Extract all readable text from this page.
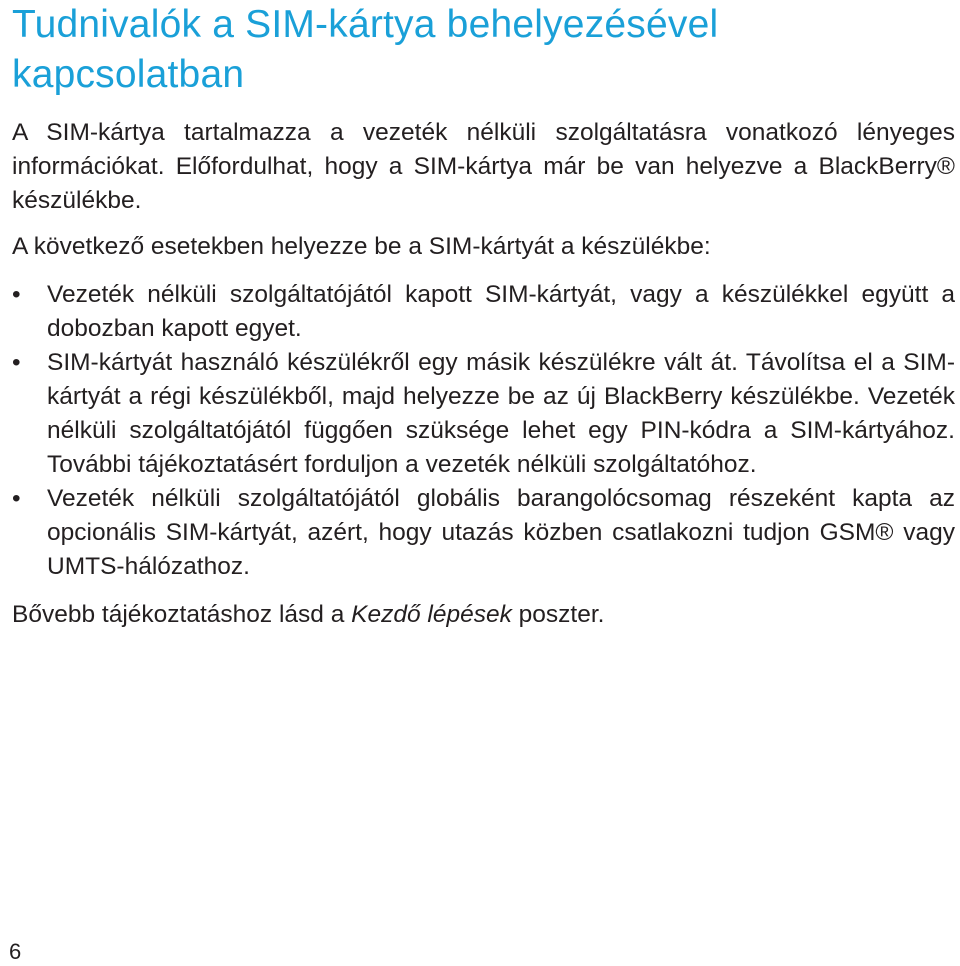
Tudnivalók a SIM-kártya behelyezésével kapcsolatban

A SIM-kártya tartalmazza a vezeték nélküli szolgáltatásra vonatkozó lényeges információkat. Előfordulhat, hogy a SIM-kártya már be van helyezve a BlackBerry® készülékbe.

A következő esetekben helyezze be a SIM-kártyát a készülékbe:

•	Vezeték nélküli szolgáltatójától kapott SIM-kártyát, vagy a készülékkel együtt a dobozban kapott egyet.
•	SIM-kártyát használó készülékről egy másik készülékre vált át. Távolítsa el a SIM-kártyát a régi készülékből, majd helyezze be az új BlackBerry készülékbe. Vezeték nélküli szolgáltatójától függően szüksége lehet egy PIN-kódra a SIM-kártyához. További tájékoztatásért forduljon a vezeték nélküli szolgáltatóhoz.
•	Vezeték nélküli szolgáltatójától globális barangolócsomag részeként kapta az opcionális SIM-kártyát, azért, hogy utazás közben csatlakozni tudjon GSM® vagy UMTS-hálózathoz.

Bővebb tájékoztatáshoz lásd a Kezdő lépések poszter.

6
